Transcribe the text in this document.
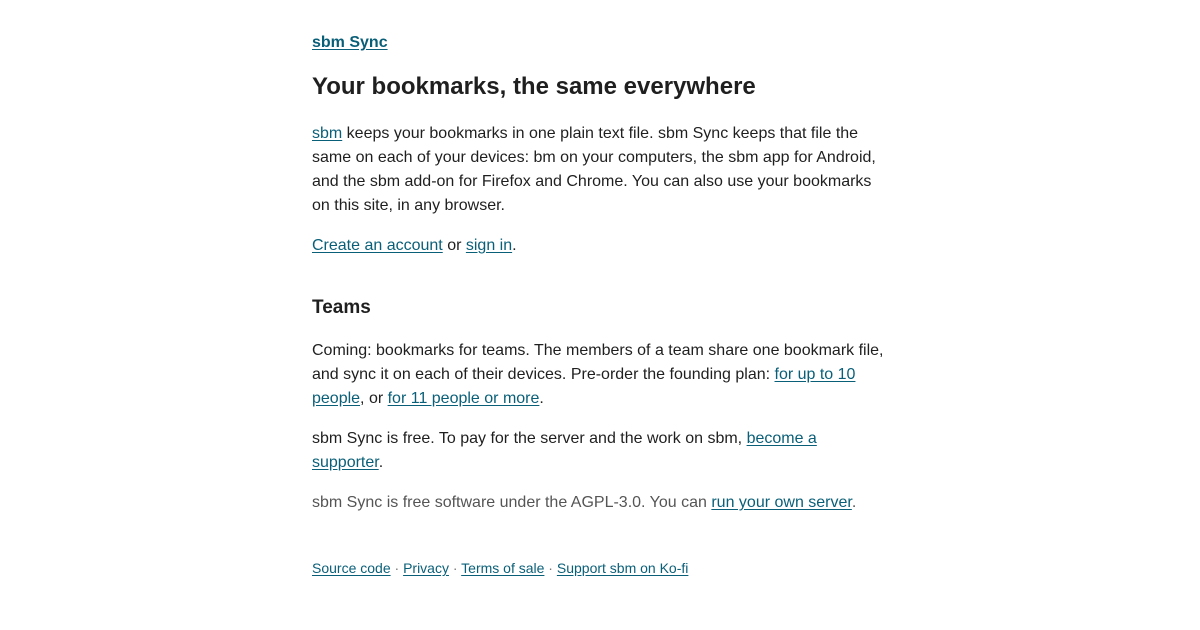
sbm Sync
Your bookmarks, the same everywhere

sbm keeps your bookmarks in one plain text file. sbm Sync keeps that file the same on each of your devices: bm on your computers, the sbm app for Android, and the sbm add-on for Firefox and Chrome. You can also use your bookmarks on this site, in any browser.

Create an account or sign in.

Teams

Coming: bookmarks for teams. The members of a team share one bookmark file, and sync it on each of their devices. Pre-order the founding plan: for up to 10 people, or for 11 people or more.

sbm Sync is free. To pay for the server and the work on sbm, become a supporter.

sbm Sync is free software under the AGPL-3.0. You can run your own server.

Source code · Privacy · Terms of sale · Support sbm on Ko-fi
